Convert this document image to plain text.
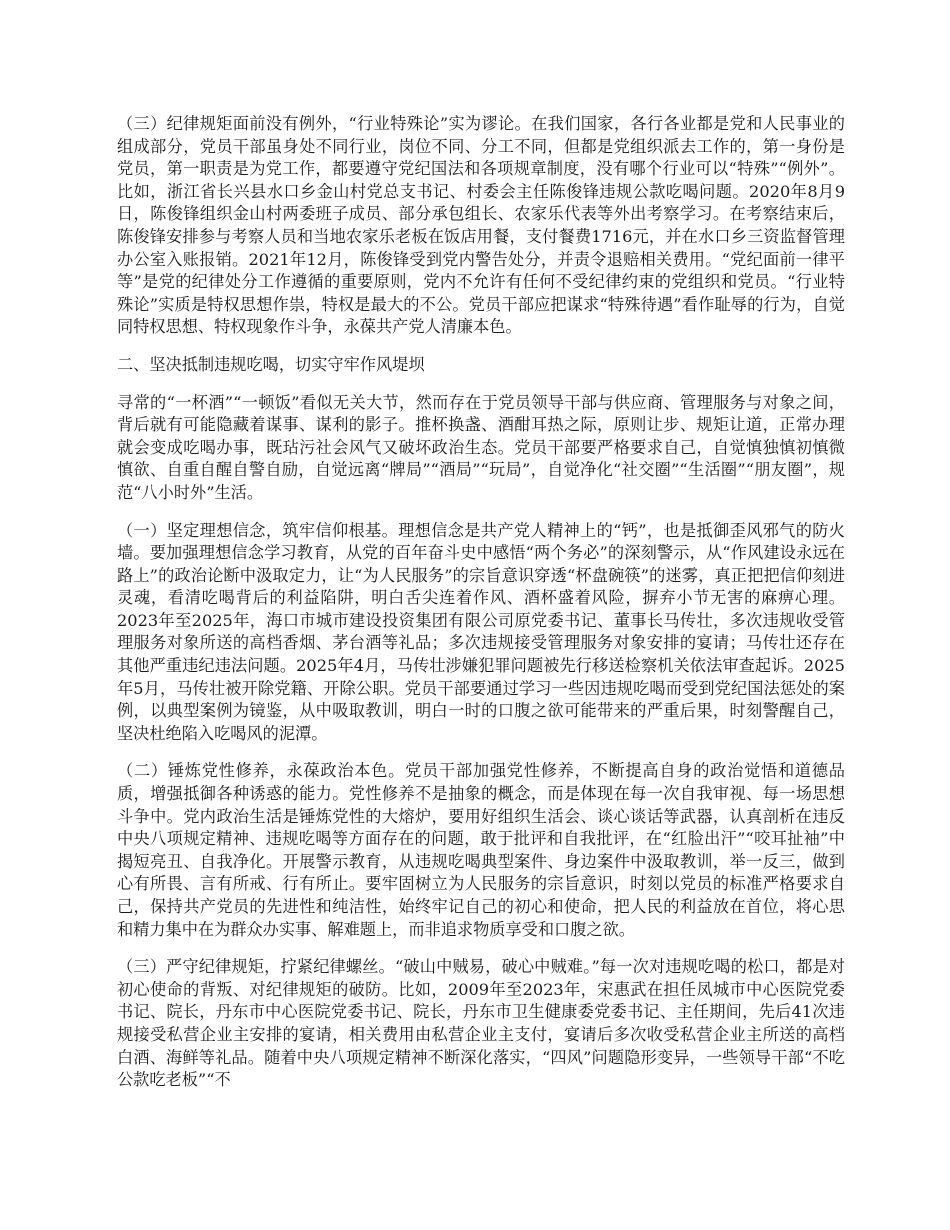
（三）纪律规矩面前没有例外，“行业特殊论”实为谬论。在我们国家，各行各业都是党和人民事业的组成部分，党员干部虽身处不同行业，岗位不同、分工不同，但都是党组织派去工作的，第一身份是党员，第一职责是为党工作，都要遵守党纪国法和各项规章制度，没有哪个行业可以“特殊”“例外”。比如，浙江省长兴县水口乡金山村党总支书记、村委会主任陈俊锋违规公款吃喝问题。2020年8月9日，陈俊锋组织金山村两委班子成员、部分承包组长、农家乐代表等外出考察学习。在考察结束后，陈俊锋安排参与考察人员和当地农家乐老板在饭店用餐，支付餐费1716元，并在水口乡三资监督管理办公室入账报销。2021年12月，陈俊锋受到党内警告处分，并责令退赔相关费用。“党纪面前一律平等”是党的纪律处分工作遵循的重要原则，党内不允许有任何不受纪律约束的党组织和党员。“行业特殊论”实质是特权思想作祟，特权是最大的不公。党员干部应把谋求“特殊待遇”看作耻辱的行为，自觉同特权思想、特权现象作斗争，永葆共产党人清廉本色。

二、坚决抵制违规吃喝，切实守牢作风堤坝

寻常的“一杯酒”“一顿饭”看似无关大节，然而存在于党员领导干部与供应商、管理服务与对象之间，背后就有可能隐藏着谋事、谋利的影子。推杯换盏、酒酣耳热之际，原则让步、规矩让道，正常办理就会变成吃喝办事，既玷污社会风气又破坏政治生态。党员干部要严格要求自己，自觉慎独慎初慎微慎欲、自重自醒自警自励，自觉远离“牌局”“酒局”“玩局”，自觉净化“社交圈”“生活圈”“朋友圈”，规范“八小时外”生活。

（一）坚定理想信念，筑牢信仰根基。理想信念是共产党人精神上的“钙”，也是抵御歪风邪气的防火墙。要加强理想信念学习教育，从党的百年奋斗史中感悟“两个务必”的深刻警示，从“作风建设永远在路上”的政治论断中汲取定力，让“为人民服务”的宗旨意识穿透“杯盘碗筷”的迷雾，真正把把信仰刻进灵魂，看清吃喝背后的利益陷阱，明白舌尖连着作风、酒杯盛着风险，摒弃小节无害的麻痹心理。2023年至2025年，海口市城市建设投资集团有限公司原党委书记、董事长马传壮，多次违规收受管理服务对象所送的高档香烟、茅台酒等礼品；多次违规接受管理服务对象安排的宴请；马传壮还存在其他严重违纪违法问题。2025年4月，马传壮涉嫌犯罪问题被先行移送检察机关依法审查起诉。2025年5月，马传壮被开除党籍、开除公职。党员干部要通过学习一些因违规吃喝而受到党纪国法惩处的案例，以典型案例为镜鉴，从中吸取教训，明白一时的口腹之欲可能带来的严重后果，时刻警醒自己，坚决杜绝陷入吃喝风的泥潭。

（二）锤炼党性修养，永葆政治本色。党员干部加强党性修养，不断提高自身的政治觉悟和道德品质，增强抵御各种诱惑的能力。党性修养不是抽象的概念，而是体现在每一次自我审视、每一场思想斗争中。党内政治生活是锤炼党性的大熔炉，要用好组织生活会、谈心谈话等武器，认真剖析在违反中央八项规定精神、违规吃喝等方面存在的问题，敢于批评和自我批评，在“红脸出汗”“咬耳扯袖”中揭短亮丑、自我净化。开展警示教育，从违规吃喝典型案件、身边案件中汲取教训，举一反三，做到心有所畏、言有所戒、行有所止。要牢固树立为人民服务的宗旨意识，时刻以党员的标准严格要求自己，保持共产党员的先进性和纯洁性，始终牢记自己的初心和使命，把人民的利益放在首位，将心思和精力集中在为群众办实事、解难题上，而非追求物质享受和口腹之欲。

（三）严守纪律规矩，拧紧纪律螺丝。“破山中贼易，破心中贼难。”每一次对违规吃喝的松口，都是对初心使命的背叛、对纪律规矩的破防。比如，2009年至2023年，宋惠武在担任凤城市中心医院党委书记、院长，丹东市中心医院党委书记、院长，丹东市卫生健康委党委书记、主任期间，先后41次违规接受私营企业主安排的宴请，相关费用由私营企业主支付，宴请后多次收受私营企业主所送的高档白酒、海鲜等礼品。随着中央八项规定精神不断深化落实，“四风”问题隐形变异，一些领导干部“不吃公款吃老板”“不
